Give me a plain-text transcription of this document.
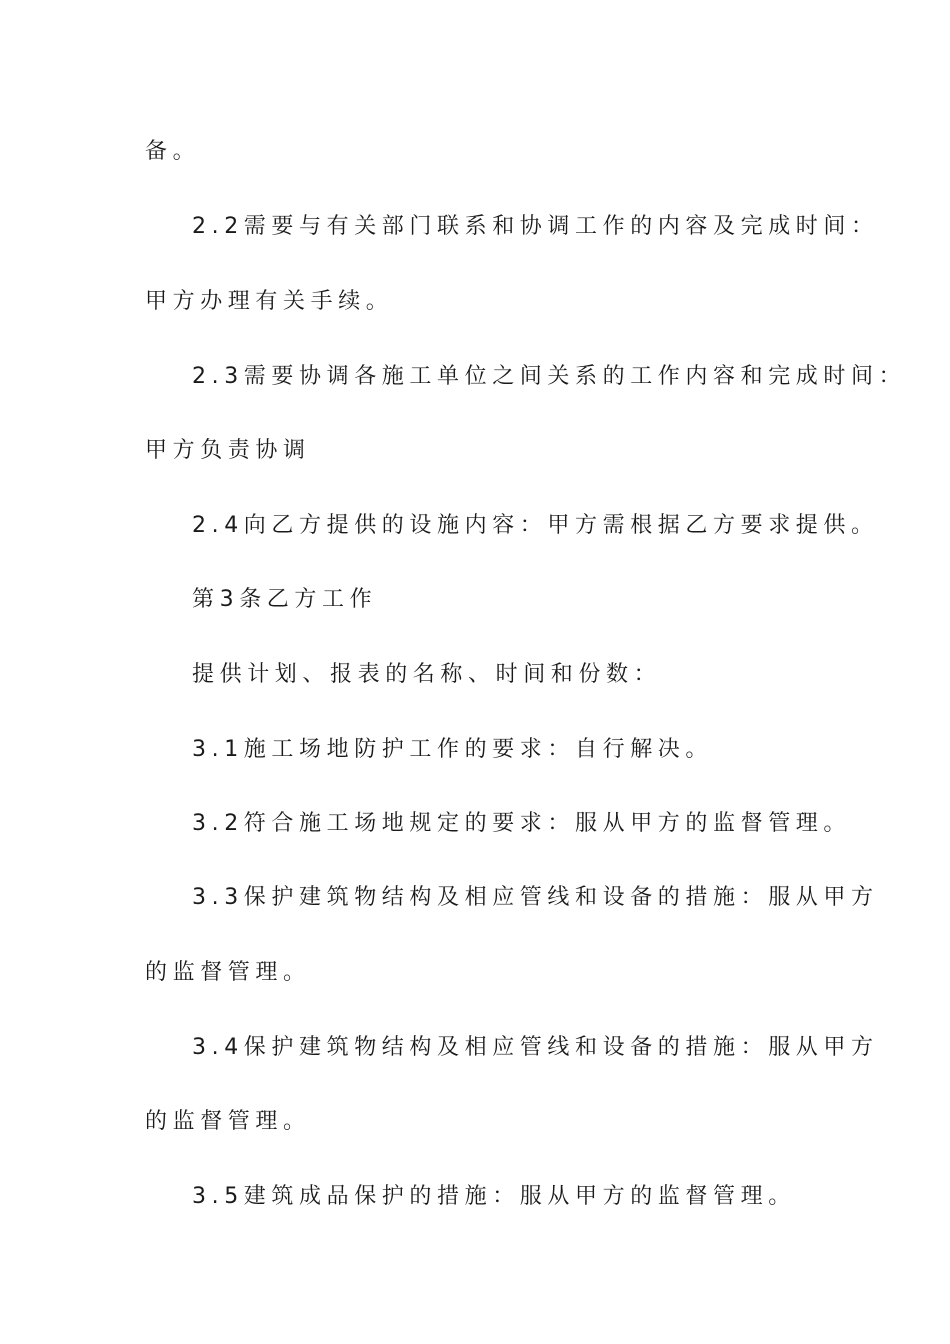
备。
2.2需要与有关部门联系和协调工作的内容及完成时间：
甲方办理有关手续。
2.3需要协调各施工单位之间关系的工作内容和完成时间：
甲方负责协调
2.4向乙方提供的设施内容：甲方需根据乙方要求提供。
第3条乙方工作
提供计划、报表的名称、时间和份数：
3.1施工场地防护工作的要求：自行解决。
3.2符合施工场地规定的要求：服从甲方的监督管理。
3.3保护建筑物结构及相应管线和设备的措施：服从甲方
的监督管理。
3.4保护建筑物结构及相应管线和设备的措施：服从甲方
的监督管理。
3.5建筑成品保护的措施：服从甲方的监督管理。
